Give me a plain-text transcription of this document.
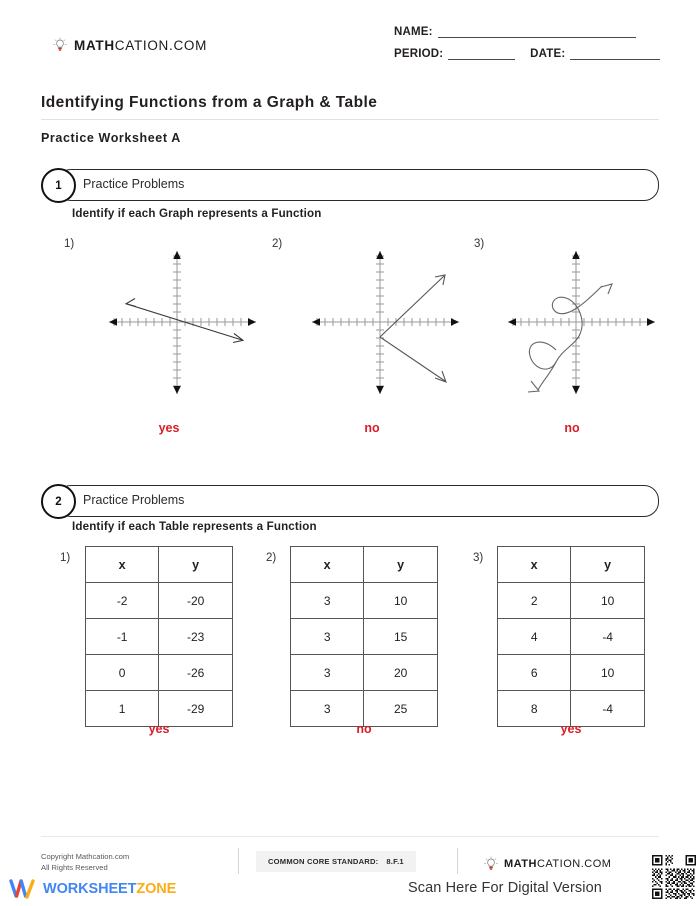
MATHCATION.COM
NAME:
PERIOD:	DATE:
Identifying Functions from a Graph & Table
Practice Worksheet A
1	Practice Problems
Identify if each Graph represents a Function
1)
yes
2)
no
3)
no
2	Practice Problems
Identify if each Table represents a Function
1)	x	y
-2	-20
-1	-23
0	-26
1	-29
yes
2)	x	y
3	10
3	15
3	20
3	25
no
3)	x	y
2	10
4	-4
6	10
8	-4
yes
Copyright Mathcation.com
All Rights Reserved
COMMON CORE STANDARD: 8.F.1	MATHCATION.COM
Scan Here For Digital Version
WORKSHEETZONE
